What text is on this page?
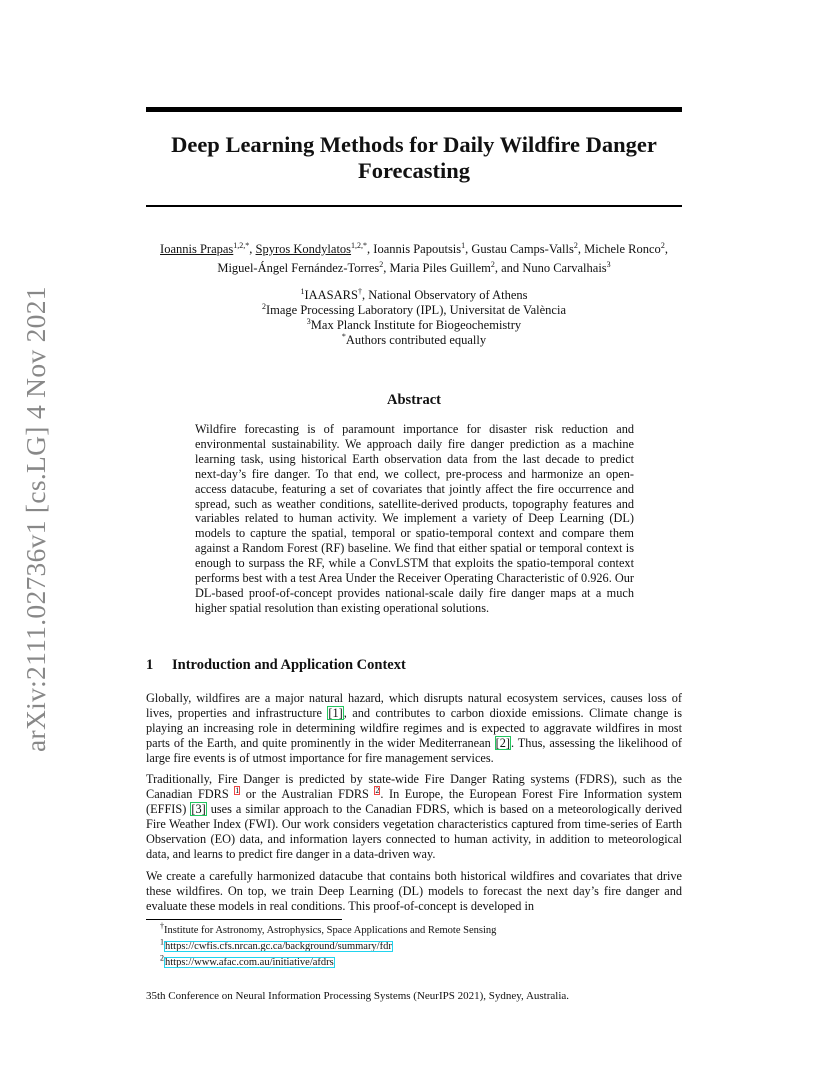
arXiv:2111.02736v1 [cs.LG] 4 Nov 2021
Deep Learning Methods for Daily Wildfire Danger
Forecasting
Ioannis Prapas$^{1,2,*}$, Spyros Kondylatos$^{1,2,*}$, Ioannis Papoutsis$^1$, Gustau Camps-Valls$^2$, Michele Ronco$^2$, Miguel-Ángel Fernández-Torres$^2$, Maria Piles Guillem$^2$, and Nuno Carvalhais$^3$
$^1$IAASARS†, National Observatory of Athens
$^2$Image Processing Laboratory (IPL), Universitat de València
$^3$Max Planck Institute for Biogeochemistry
*Authors contributed equally
Abstract

Wildfire forecasting is of paramount importance for disaster risk reduction and environmental sustainability. We approach daily fire danger prediction as a machine learning task, using historical Earth observation data from the last decade to predict next-day’s fire danger. To that end, we collect, pre-process and harmonize an open-access datacube, featuring a set of covariates that jointly affect the fire occurrence and spread, such as weather conditions, satellite-derived products, topography features and variables related to human activity. We implement a variety of Deep Learning (DL) models to capture the spatial, temporal or spatio-temporal context and compare them against a Random Forest (RF) baseline. We find that either spatial or temporal context is enough to surpass the RF, while a ConvLSTM that exploits the spatio-temporal context performs best with a test Area Under the Receiver Operating Characteristic of 0.926. Our DL-based proof-of-concept provides national-scale daily fire danger maps at a much higher spatial resolution than existing operational solutions.

1 Introduction and Application Context

Globally, wildfires are a major natural hazard, which disrupts natural ecosystem services, causes loss of lives, properties and infrastructure [1], and contributes to carbon dioxide emissions. Climate change is playing an increasing role in determining wildfire regimes and is expected to aggravate wildfires in most parts of the Earth, and quite prominently in the wider Mediterranean [2]. Thus, assessing the likelihood of large fire events is of utmost importance for fire management services.

Traditionally, Fire Danger is predicted by state-wide Fire Danger Rating systems (FDRS), such as the Canadian FDRS $^1$ or the Australian FDRS $^2$. In Europe, the European Forest Fire Information system (EFFIS) [3] uses a similar approach to the Canadian FDRS, which is based on a meteorologically derived Fire Weather Index (FWI). Our work considers vegetation characteristics captured from time-series of Earth Observation (EO) data, and information layers connected to human activity, in addition to meteorological data, and learns to predict fire danger in a data-driven way.

We create a carefully harmonized datacube that contains both historical wildfires and covariates that drive these wildfires. On top, we train Deep Learning (DL) models to forecast the next day’s fire danger and evaluate these models in real conditions. This proof-of-concept is developed in

†Institute for Astronomy, Astrophysics, Space Applications and Remote Sensing
$^1$https://cwfis.cfs.nrcan.gc.ca/background/summary/fdr
$^2$https://www.afac.com.au/initiative/afdrs
35th Conference on Neural Information Processing Systems (NeurIPS 2021), Sydney, Australia.
